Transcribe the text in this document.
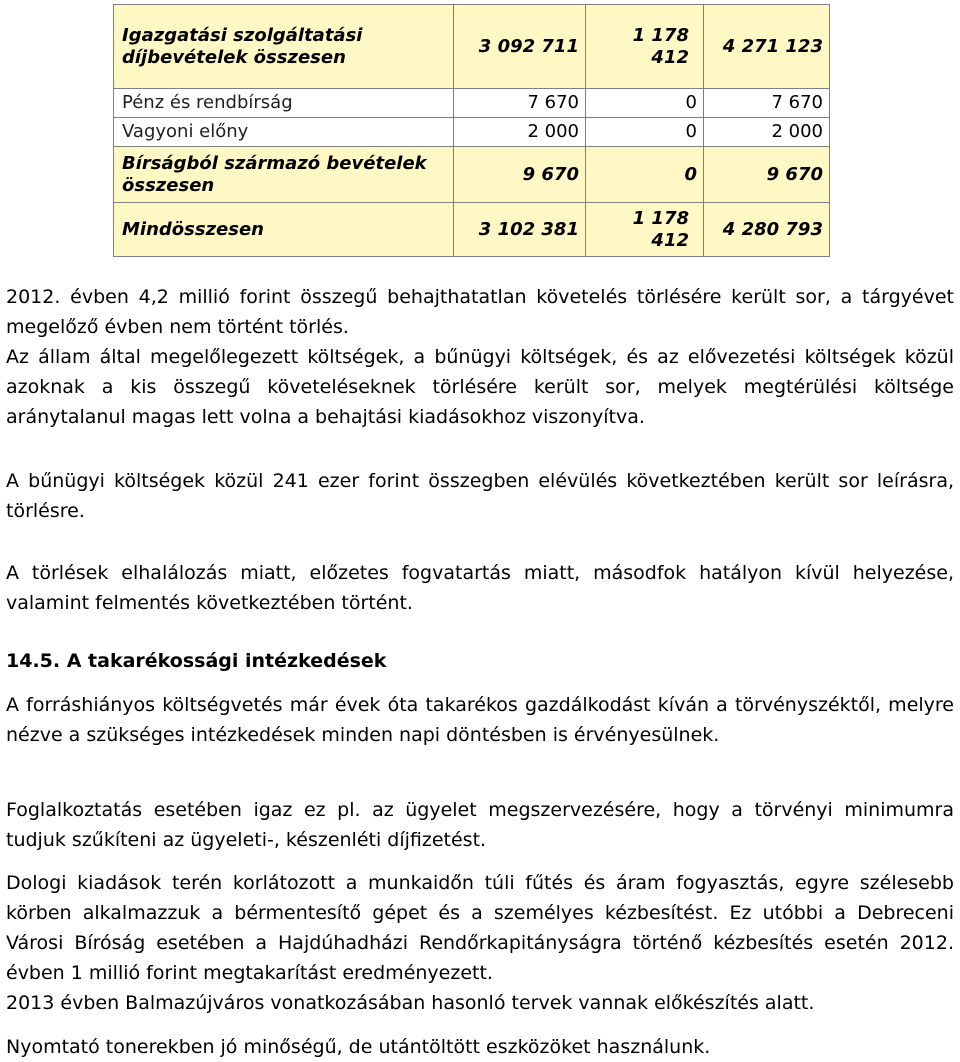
Igazgatási szolgáltatási díjbevételek összesen	3 092 711	1 178 412	4 271 123
Pénz és rendbírság	7 670	0	7 670
Vagyoni előny	2 000	0	2 000
Bírságból származó bevételek összesen	9 670	0	9 670
Mindösszesen	3 102 381	1 178 412	4 280 793

2012. évben 4,2 millió forint összegű behajthatatlan követelés törlésére került sor, a tárgyévet megelőző évben nem történt törlés.

Az állam által megelőlegezett költségek, a bűnügyi költségek, és az elővezetési költségek közül azoknak a kis összegű követeléseknek törlésére került sor, melyek megtérülési költsége aránytalanul magas lett volna a behajtási kiadásokhoz viszonyítva.

A bűnügyi költségek közül 241 ezer forint összegben elévülés következtében került sor leírásra, törlésre.

A törlések elhalálozás miatt, előzetes fogvatartás miatt, másodfok hatályon kívül helyezése, valamint felmentés következtében történt.

14.5. A takarékossági intézkedések

A forráshiányos költségvetés már évek óta takarékos gazdálkodást kíván a törvényszéktől, melyre nézve a szükséges intézkedések minden napi döntésben is érvényesülnek.

Foglalkoztatás esetében igaz ez pl. az ügyelet megszervezésére, hogy a törvényi minimumra tudjuk szűkíteni az ügyeleti-, készenléti díjfizetést.

Dologi kiadások terén korlátozott a munkaidőn túli fűtés és áram fogyasztás, egyre szélesebb körben alkalmazzuk a bérmentesítő gépet és a személyes kézbesítést. Ez utóbbi a Debreceni Városi Bíróság esetében a Hajdúhadházi Rendőrkapitányságra történő kézbesítés esetén 2012. évben 1 millió forint megtakarítást eredményezett.

2013 évben Balmazújváros vonatkozásában hasonló tervek vannak előkészítés alatt.

Nyomtató tonerekben jó minőségű, de utántöltött eszközöket használunk.
